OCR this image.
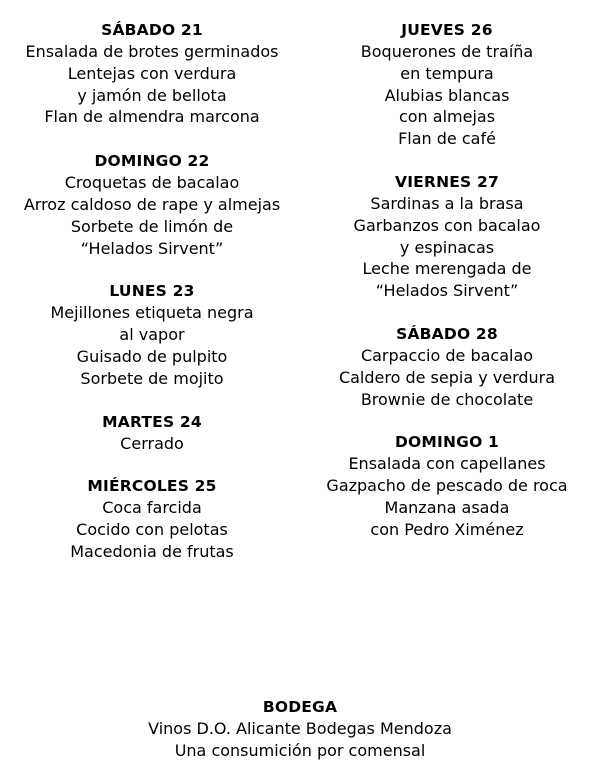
SÁBADO 21
Ensalada de brotes germinados
Lentejas con verdura
y jamón de bellota
Flan de almendra marcona
DOMINGO 22
Croquetas de bacalao
Arroz caldoso de rape y almejas
Sorbete de limón de
“Helados Sirvent”
LUNES 23
Mejillones etiqueta negra
al vapor
Guisado de pulpito
Sorbete de mojito
MARTES 24
Cerrado
MIÉRCOLES 25
Coca farcida
Cocido con pelotas
Macedonia de frutas
JUEVES 26
Boquerones de traíña
en tempura
Alubias blancas
con almejas
Flan de café
VIERNES 27
Sardinas a la brasa
Garbanzos con bacalao
y espinacas
Leche merengada de
“Helados Sirvent”
SÁBADO 28
Carpaccio de bacalao
Caldero de sepia y verdura
Brownie de chocolate
DOMINGO 1
Ensalada con capellanes
Gazpacho de pescado de roca
Manzana asada
con Pedro Ximénez
BODEGA
Vinos D.O. Alicante Bodegas Mendoza
Una consumición por comensal
